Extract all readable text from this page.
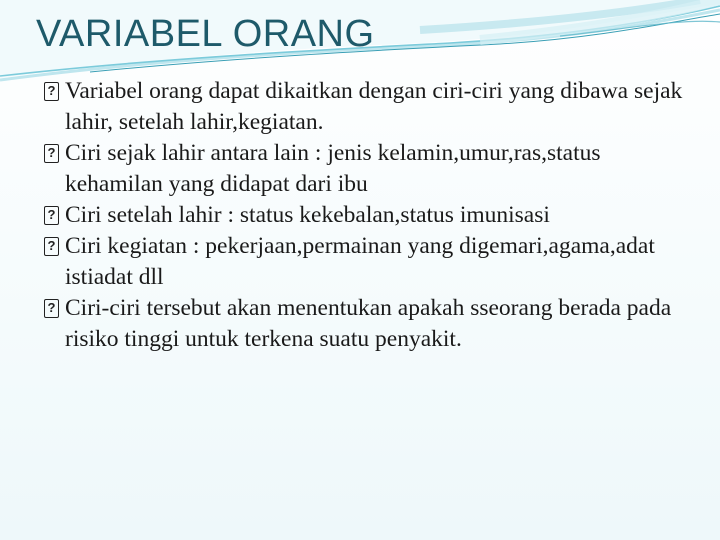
VARIABEL ORANG
? Variabel orang dapat dikaitkan dengan ciri-ciri yang dibawa sejak lahir, setelah lahir,kegiatan.
? Ciri sejak lahir antara lain : jenis kelamin,umur,ras,status kehamilan yang didapat dari ibu
? Ciri setelah lahir : status kekebalan,status imunisasi
? Ciri kegiatan : pekerjaan,permainan yang digemari,agama,adat istiadat dll
? Ciri-ciri tersebut akan menentukan apakah sseorang berada pada risiko tinggi untuk terkena suatu penyakit.
